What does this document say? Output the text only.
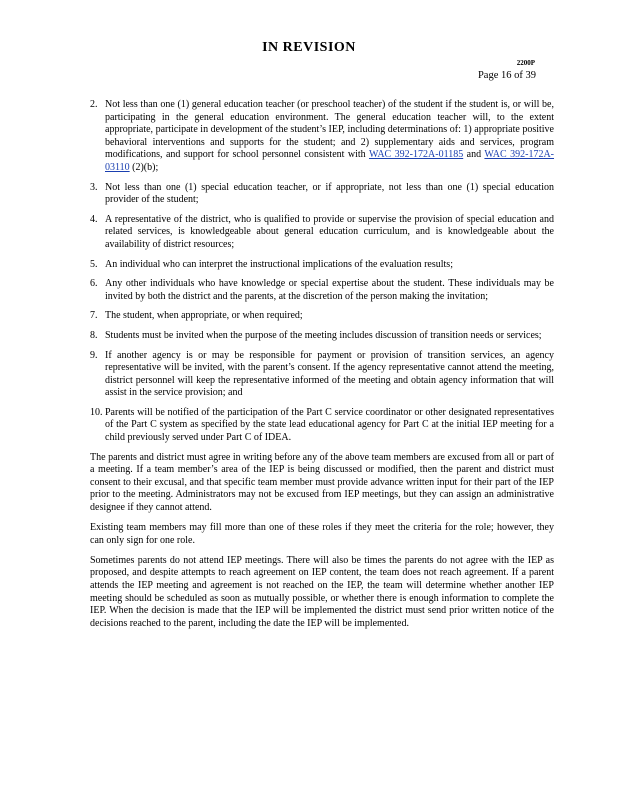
IN REVISION
2200P
Page 16 of 39
2. Not less than one (1) general education teacher (or preschool teacher) of the student if the student is, or will be, participating in the general education environment. The general education teacher will, to the extent appropriate, participate in development of the student’s IEP, including determinations of: 1) appropriate positive behavioral interventions and supports for the student; and 2) supplementary aids and services, program modifications, and support for school personnel consistent with WAC 392-172A-01185 and WAC 392-172A-03110 (2)(b);
3. Not less than one (1) special education teacher, or if appropriate, not less than one (1) special education provider of the student;
4. A representative of the district, who is qualified to provide or supervise the provision of special education and related services, is knowledgeable about general education curriculum, and is knowledgeable about the availability of district resources;
5. An individual who can interpret the instructional implications of the evaluation results;
6. Any other individuals who have knowledge or special expertise about the student. These individuals may be invited by both the district and the parents, at the discretion of the person making the invitation;
7. The student, when appropriate, or when required;
8. Students must be invited when the purpose of the meeting includes discussion of transition needs or services;
9. If another agency is or may be responsible for payment or provision of transition services, an agency representative will be invited, with the parent’s consent. If the agency representative cannot attend the meeting, district personnel will keep the representative informed of the meeting and obtain agency information that will assist in the service provision; and
10. Parents will be notified of the participation of the Part C service coordinator or other designated representatives of the Part C system as specified by the state lead educational agency for Part C at the initial IEP meeting for a child previously served under Part C of IDEA.

The parents and district must agree in writing before any of the above team members are excused from all or part of a meeting. If a team member’s area of the IEP is being discussed or modified, then the parent and district must consent to their excusal, and that specific team member must provide advance written input for their part of the IEP prior to the meeting. Administrators may not be excused from IEP meetings, but they can assign an administrative designee if they cannot attend.

Existing team members may fill more than one of these roles if they meet the criteria for the role; however, they can only sign for one role.

Sometimes parents do not attend IEP meetings. There will also be times the parents do not agree with the IEP as proposed, and despite attempts to reach agreement on IEP content, the team does not reach agreement. If a parent attends the IEP meeting and agreement is not reached on the IEP, the team will determine whether another IEP meeting should be scheduled as soon as mutually possible, or whether there is enough information to complete the IEP. When the decision is made that the IEP will be implemented the district must send prior written notice of the decisions reached to the parent, including the date the IEP will be implemented.
